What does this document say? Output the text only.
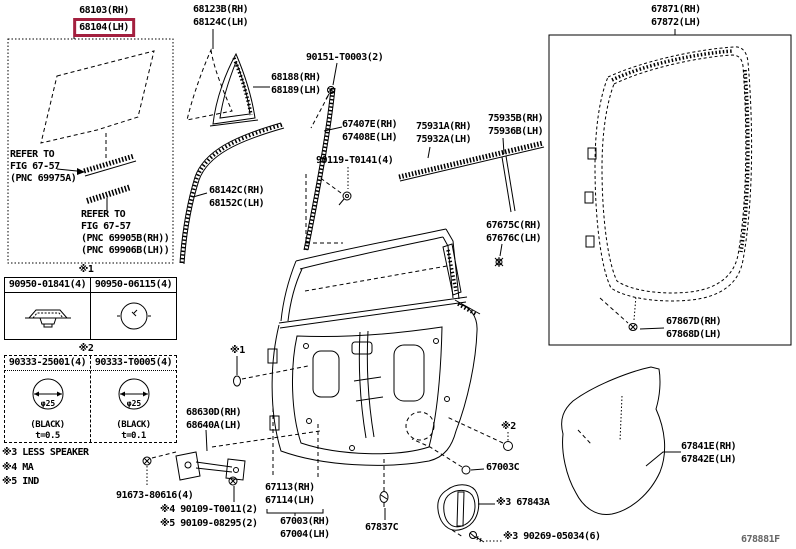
68103(RH)
68104(LH)
68123B(RH)
68124C(LH)
68188(RH)
68189(LH)
90151-T0003(2)
67407E(RH)
67408E(LH)
68142C(RH)
68152C(LH)
90119-T0141(4)
75931A(RH)
75932A(LH)
75935B(RH)
75936B(LH)
67675C(RH)
67676C(LH)
67871(RH)
67872(LH)
67867D(RH)
67868D(LH)
67841E(RH)
67842E(LH)
※3 67843A
※3 90269-05034(6)
68630D(RH)
68640A(LH)
91673-80616(4)
※4 90109-T0011(2)
※5 90109-08295(2)
67113(RH)
67114(LH)
67003(RH)
67004(LH)
67837C
67003C
※1
※2
※1
※2
REFER TO
FIG 67-57
(PNC 69975A)
REFER TO
FIG 67-57
(PNC 69905B(RH))
(PNC 69906B(LH))
90950-01841(4) 90950-06115(4)
90333-25001(4)
φ25
(BLACK)
t=0.5
90333-T0005(4)
φ25
(BLACK)
t=0.1
※3 LESS SPEAKER
※4 MA
※5 IND
678881F
